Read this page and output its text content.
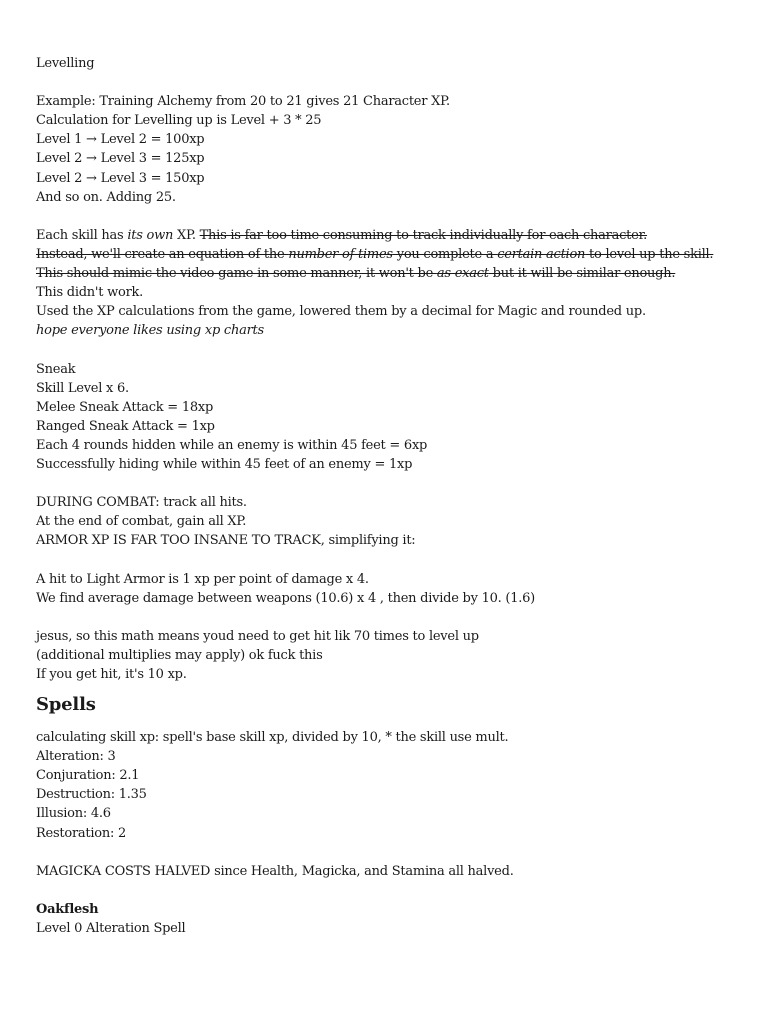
Levelling
Example: Training Alchemy from 20 to 21 gives 21 Character XP.
Calculation for Levelling up is Level + 3 * 25
Level 1 → Level 2 = 100xp
Level 2 → Level 3 = 125xp
Level 2 → Level 3 = 150xp
And so on. Adding 25.
Each skill has its own XP. This is far too time consuming to track individually for each character.
Instead, we'll create an equation of the number of times you complete a certain action to level up the skill.
This should mimic the video game in some manner, it won't be as exact but it will be similar enough.
This didn't work.
Used the XP calculations from the game, lowered them by a decimal for Magic and rounded up.
hope everyone likes using xp charts
Sneak
Skill Level x 6.
Melee Sneak Attack = 18xp
Ranged Sneak Attack = 1xp
Each 4 rounds hidden while an enemy is within 45 feet = 6xp
Successfully hiding while within 45 feet of an enemy = 1xp
DURING COMBAT: track all hits.
At the end of combat, gain all XP.
ARMOR XP IS FAR TOO INSANE TO TRACK, simplifying it:
A hit to Light Armor is 1 xp per point of damage x 4.
We find average damage between weapons (10.6) x 4 , then divide by 10. (1.6)
jesus, so this math means youd need to get hit lik 70 times to level up
(additional multiplies may apply) ok fuck this
If you get hit, it's 10 xp.
Spells
calculating skill xp: spell's base skill xp, divided by 10, * the skill use mult.
Alteration: 3
Conjuration: 2.1
Destruction: 1.35
Illusion: 4.6
Restoration: 2
MAGICKA COSTS HALVED since Health, Magicka, and Stamina all halved.
Oakflesh
Level 0 Alteration Spell
